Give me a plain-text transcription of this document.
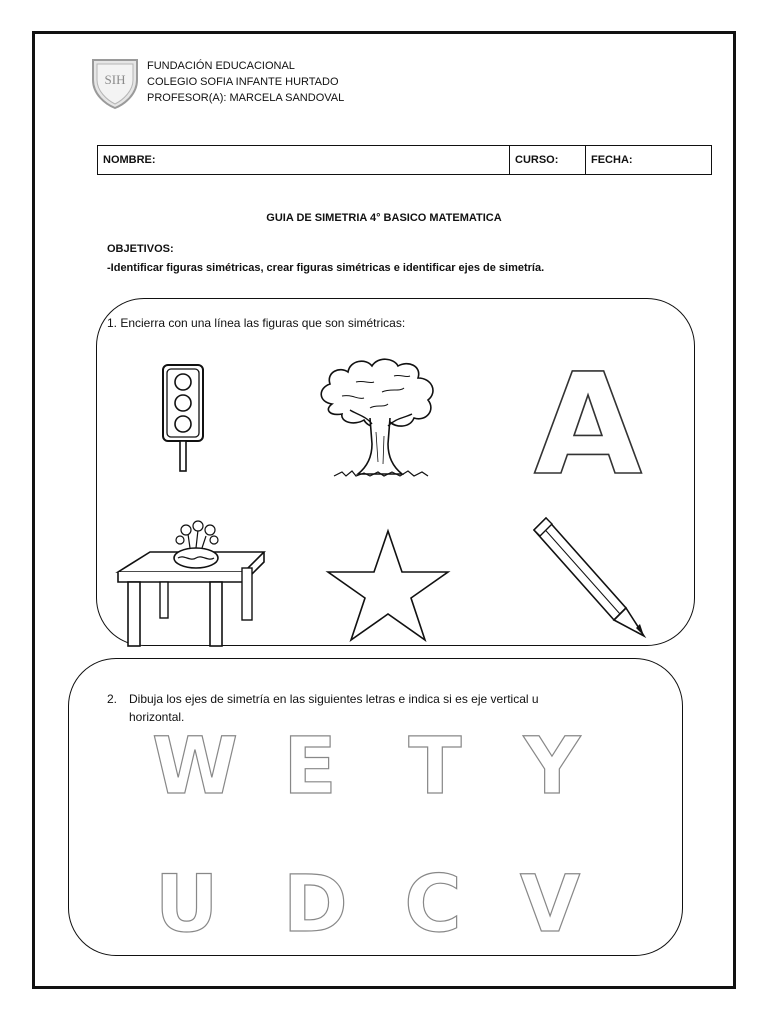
SIH
FUNDACIÓN EDUCACIONAL
COLEGIO SOFIA INFANTE HURTADO
PROFESOR(A): MARCELA SANDOVAL
NOMBRE:	CURSO:	FECHA:
GUIA DE SIMETRIA 4° BASICO MATEMATICA
OBJETIVOS:
-Identificar figuras simétricas, crear figuras simétricas e identificar ejes de simetría.
1. Encierra con una línea las figuras que son simétricas:
A
2. Dibuja los ejes de simetría en las siguientes letras e indica si es eje vertical u
horizontal.
W E T Y
U D C V
